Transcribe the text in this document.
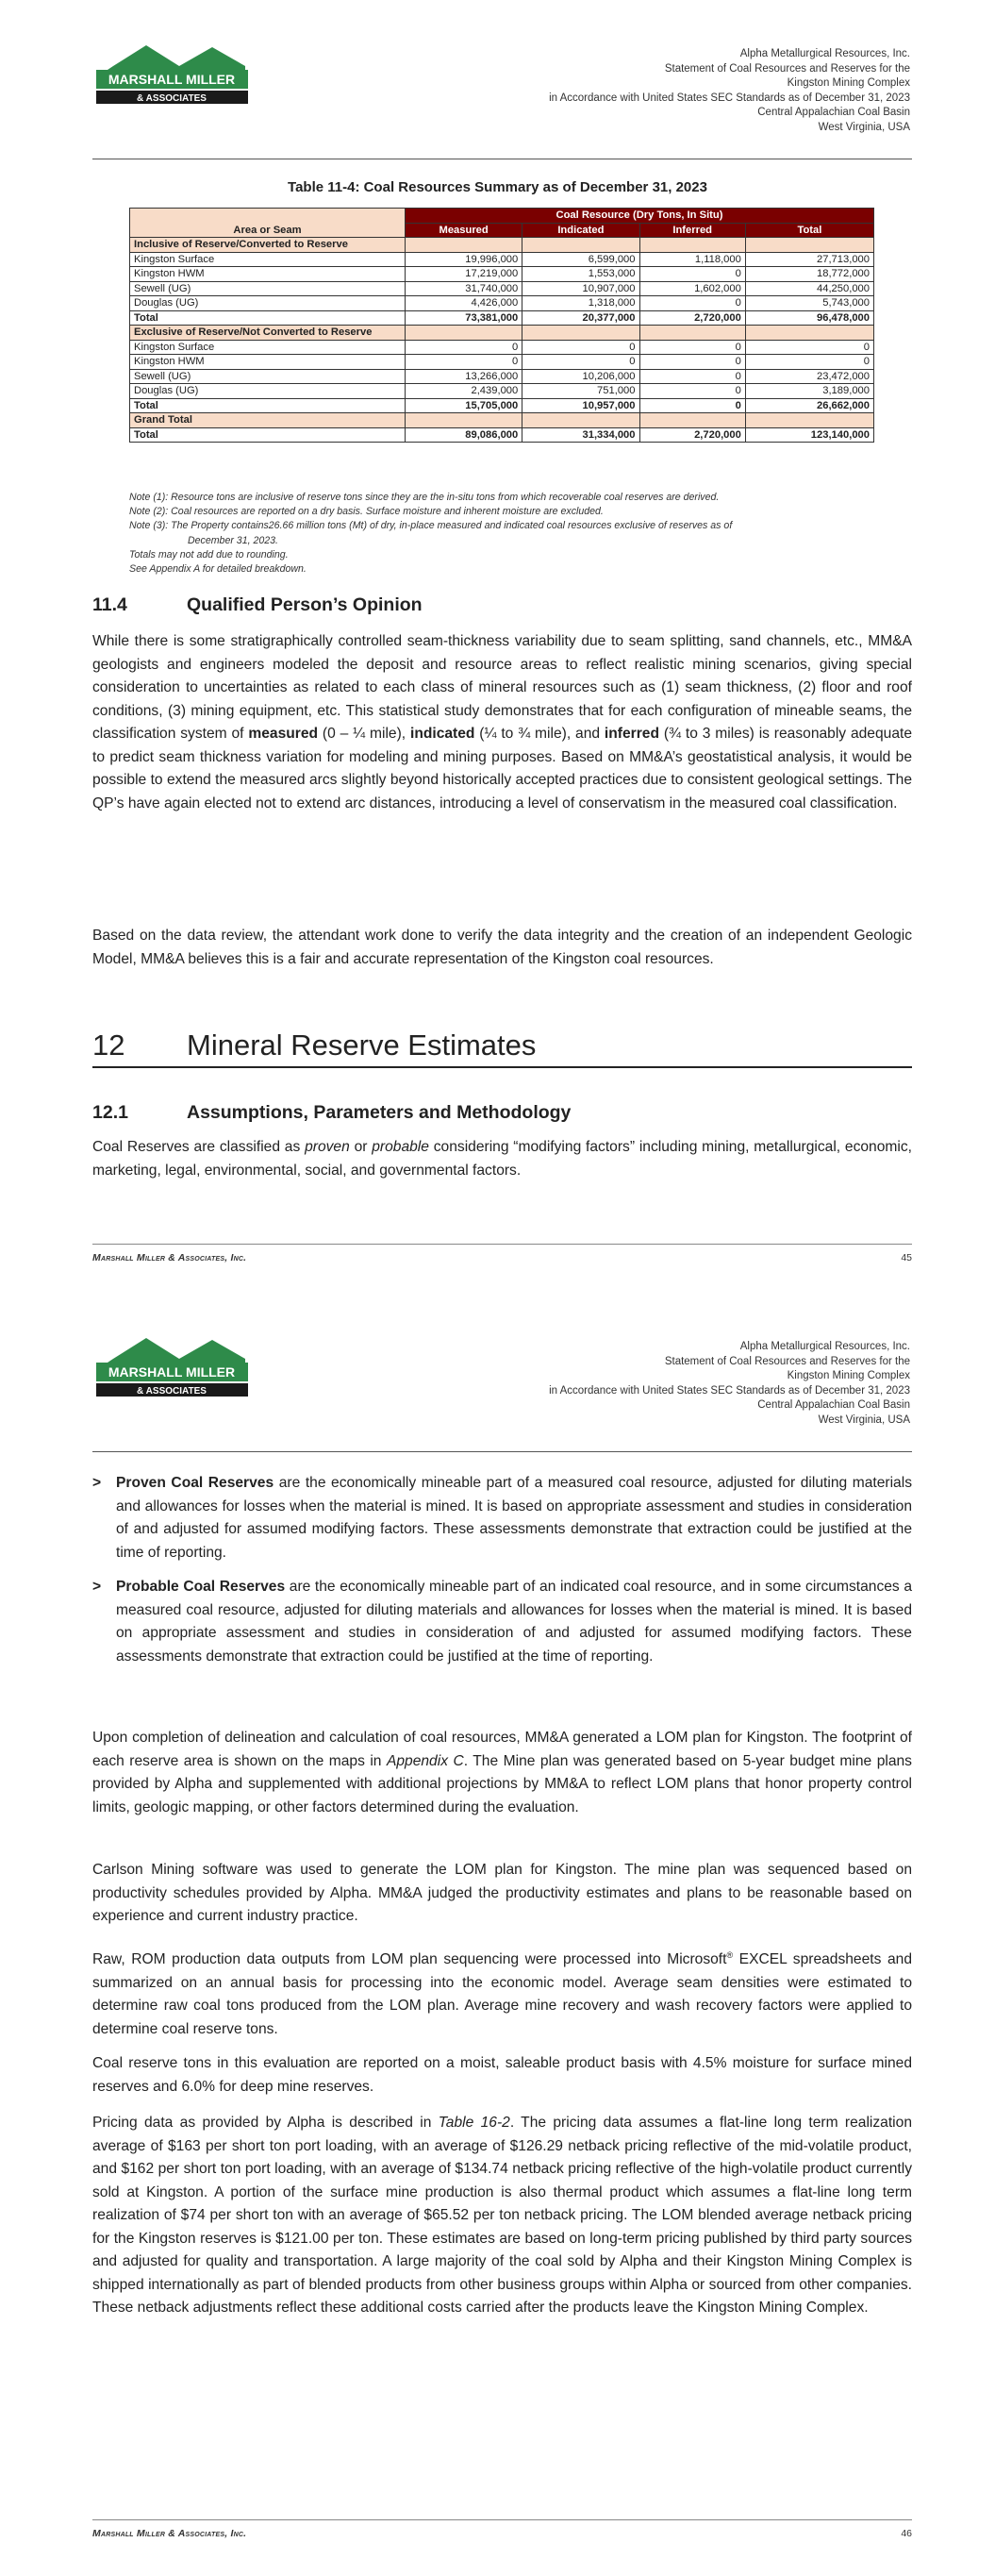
MARSHALL MILLER
& ASSOCIATES
Alpha Metallurgical Resources, Inc.
Statement of Coal Resources and Reserves for the
Kingston Mining Complex
in Accordance with United States SEC Standards as of December 31, 2023
Central Appalachian Coal Basin
West Virginia, USA
Table 11-4: Coal Resources Summary as of December 31, 2023
Area or Seam	Coal Resource (Dry Tons, In Situ)			
	Measured	Indicated	Inferred	Total
Inclusive of Reserve/Converted to Reserve				
Kingston Surface	19,996,000	6,599,000	1,118,000	27,713,000
Kingston HWM	17,219,000	1,553,000	0	18,772,000
Sewell (UG)	31,740,000	10,907,000	1,602,000	44,250,000
Douglas (UG)	4,426,000	1,318,000	0	5,743,000
Total	73,381,000	20,377,000	2,720,000	96,478,000
Exclusive of Reserve/Not Converted to Reserve				
Kingston Surface	0	0	0	0
Kingston HWM	0	0	0	0
Sewell (UG)	13,266,000	10,206,000	0	23,472,000
Douglas (UG)	2,439,000	751,000	0	3,189,000
Total	15,705,000	10,957,000	0	26,662,000
Grand Total				
Total	89,086,000	31,334,000	2,720,000	123,140,000
Note (1): Resource tons are inclusive of reserve tons since they are the in-situ tons from which recoverable coal reserves are derived.
Note (2): Coal resources are reported on a dry basis. Surface moisture and inherent moisture are excluded.
Note (3): The Property contains26.66 million tons (Mt) of dry, in-place measured and indicated coal resources exclusive of reserves as of
December 31, 2023.
Totals may not add due to rounding.
See Appendix A for detailed breakdown.
11.4	Qualified Person’s Opinion
While there is some stratigraphically controlled seam-thickness variability due to seam splitting, sand channels, etc., MM&A geologists and engineers modeled the deposit and resource areas to reflect realistic mining scenarios, giving special consideration to uncertainties as related to each class of mineral resources such as (1) seam thickness, (2) floor and roof conditions, (3) mining equipment, etc. This statistical study demonstrates that for each configuration of mineable seams, the classification system of measured (0 – ¼ mile), indicated (¼ to ¾ mile), and inferred (¾ to 3 miles) is reasonably adequate to predict seam thickness variation for modeling and mining purposes. Based on MM&A’s geostatistical analysis, it would be possible to extend the measured arcs slightly beyond historically accepted practices due to consistent geological settings. The QP’s have again elected not to extend arc distances, introducing a level of conservatism in the measured coal classification.
Based on the data review, the attendant work done to verify the data integrity and the creation of an independent Geologic Model, MM&A believes this is a fair and accurate representation of the Kingston coal resources.
12 Mineral Reserve Estimates
12.1	Assumptions, Parameters and Methodology
Coal Reserves are classified as proven or probable considering “modifying factors” including mining, metallurgical, economic, marketing, legal, environmental, social, and governmental factors.
Marshall Miller & Associates, Inc.	45
MARSHALL MILLER
& ASSOCIATES
Alpha Metallurgical Resources, Inc.
Statement of Coal Resources and Reserves for the
Kingston Mining Complex
in Accordance with United States SEC Standards as of December 31, 2023
Central Appalachian Coal Basin
West Virginia, USA
> Proven Coal Reserves are the economically mineable part of a measured coal resource, adjusted for diluting materials and allowances for losses when the material is mined. It is based on appropriate assessment and studies in consideration of and adjusted for assumed modifying factors. These assessments demonstrate that extraction could be justified at the time of reporting.
> Probable Coal Reserves are the economically mineable part of an indicated coal resource, and in some circumstances a measured coal resource, adjusted for diluting materials and allowances for losses when the material is mined. It is based on appropriate assessment and studies in consideration of and adjusted for assumed modifying factors. These assessments demonstrate that extraction could be justified at the time of reporting.
Upon completion of delineation and calculation of coal resources, MM&A generated a LOM plan for Kingston. The footprint of each reserve area is shown on the maps in Appendix C. The Mine plan was generated based on 5-year budget mine plans provided by Alpha and supplemented with additional projections by MM&A to reflect LOM plans that honor property control limits, geologic mapping, or other factors determined during the evaluation.
Carlson Mining software was used to generate the LOM plan for Kingston. The mine plan was sequenced based on productivity schedules provided by Alpha. MM&A judged the productivity estimates and plans to be reasonable based on experience and current industry practice.
Raw, ROM production data outputs from LOM plan sequencing were processed into Microsoft® EXCEL spreadsheets and summarized on an annual basis for processing into the economic model. Average seam densities were estimated to determine raw coal tons produced from the LOM plan. Average mine recovery and wash recovery factors were applied to determine coal reserve tons.
Coal reserve tons in this evaluation are reported on a moist, saleable product basis with 4.5% moisture for surface mined reserves and 6.0% for deep mine reserves.
Pricing data as provided by Alpha is described in Table 16-2. The pricing data assumes a flat-line long term realization average of $163 per short ton port loading, with an average of $126.29 netback pricing reflective of the mid-volatile product, and $162 per short ton port loading, with an average of $134.74 netback pricing reflective of the high-volatile product currently sold at Kingston. A portion of the surface mine production is also thermal product which assumes a flat-line long term realization of $74 per short ton with an average of $65.52 per ton netback pricing. The LOM blended average netback pricing for the Kingston reserves is $121.00 per ton. These estimates are based on long-term pricing published by third party sources and adjusted for quality and transportation. A large majority of the coal sold by Alpha and their Kingston Mining Complex is shipped internationally as part of blended products from other business groups within Alpha or sourced from other companies. These netback adjustments reflect these additional costs carried after the products leave the Kingston Mining Complex.
Marshall Miller & Associates, Inc.	46
